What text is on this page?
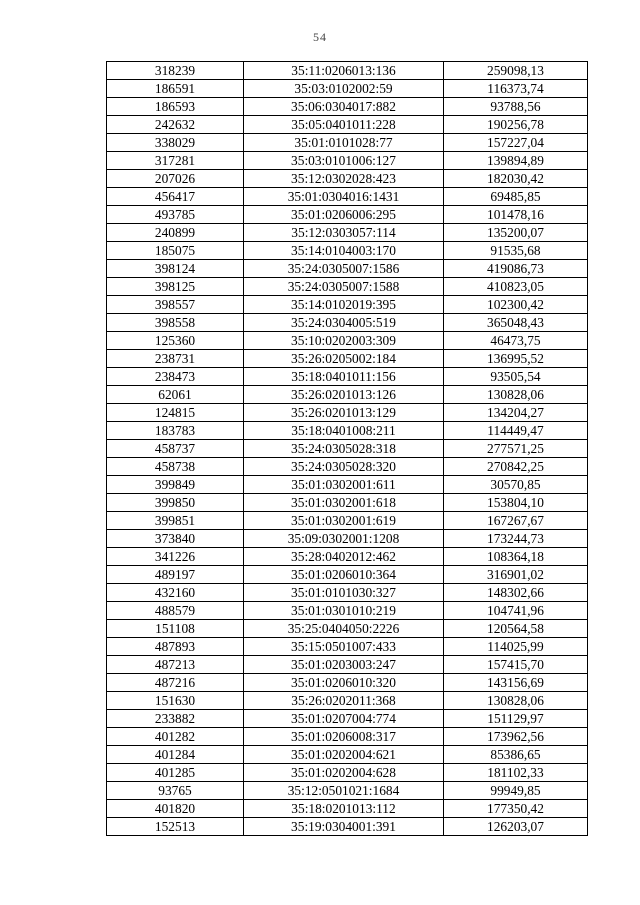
54
318239	35:11:0206013:136	259098,13
186591	35:03:0102002:59	116373,74
186593	35:06:0304017:882	93788,56
242632	35:05:0401011:228	190256,78
338029	35:01:0101028:77	157227,04
317281	35:03:0101006:127	139894,89
207026	35:12:0302028:423	182030,42
456417	35:01:0304016:1431	69485,85
493785	35:01:0206006:295	101478,16
240899	35:12:0303057:114	135200,07
185075	35:14:0104003:170	91535,68
398124	35:24:0305007:1586	419086,73
398125	35:24:0305007:1588	410823,05
398557	35:14:0102019:395	102300,42
398558	35:24:0304005:519	365048,43
125360	35:10:0202003:309	46473,75
238731	35:26:0205002:184	136995,52
238473	35:18:0401011:156	93505,54
62061	35:26:0201013:126	130828,06
124815	35:26:0201013:129	134204,27
183783	35:18:0401008:211	114449,47
458737	35:24:0305028:318	277571,25
458738	35:24:0305028:320	270842,25
399849	35:01:0302001:611	30570,85
399850	35:01:0302001:618	153804,10
399851	35:01:0302001:619	167267,67
373840	35:09:0302001:1208	173244,73
341226	35:28:0402012:462	108364,18
489197	35:01:0206010:364	316901,02
432160	35:01:0101030:327	148302,66
488579	35:01:0301010:219	104741,96
151108	35:25:0404050:2226	120564,58
487893	35:15:0501007:433	114025,99
487213	35:01:0203003:247	157415,70
487216	35:01:0206010:320	143156,69
151630	35:26:0202011:368	130828,06
233882	35:01:0207004:774	151129,97
401282	35:01:0206008:317	173962,56
401284	35:01:0202004:621	85386,65
401285	35:01:0202004:628	181102,33
93765	35:12:0501021:1684	99949,85
401820	35:18:0201013:112	177350,42
152513	35:19:0304001:391	126203,07
